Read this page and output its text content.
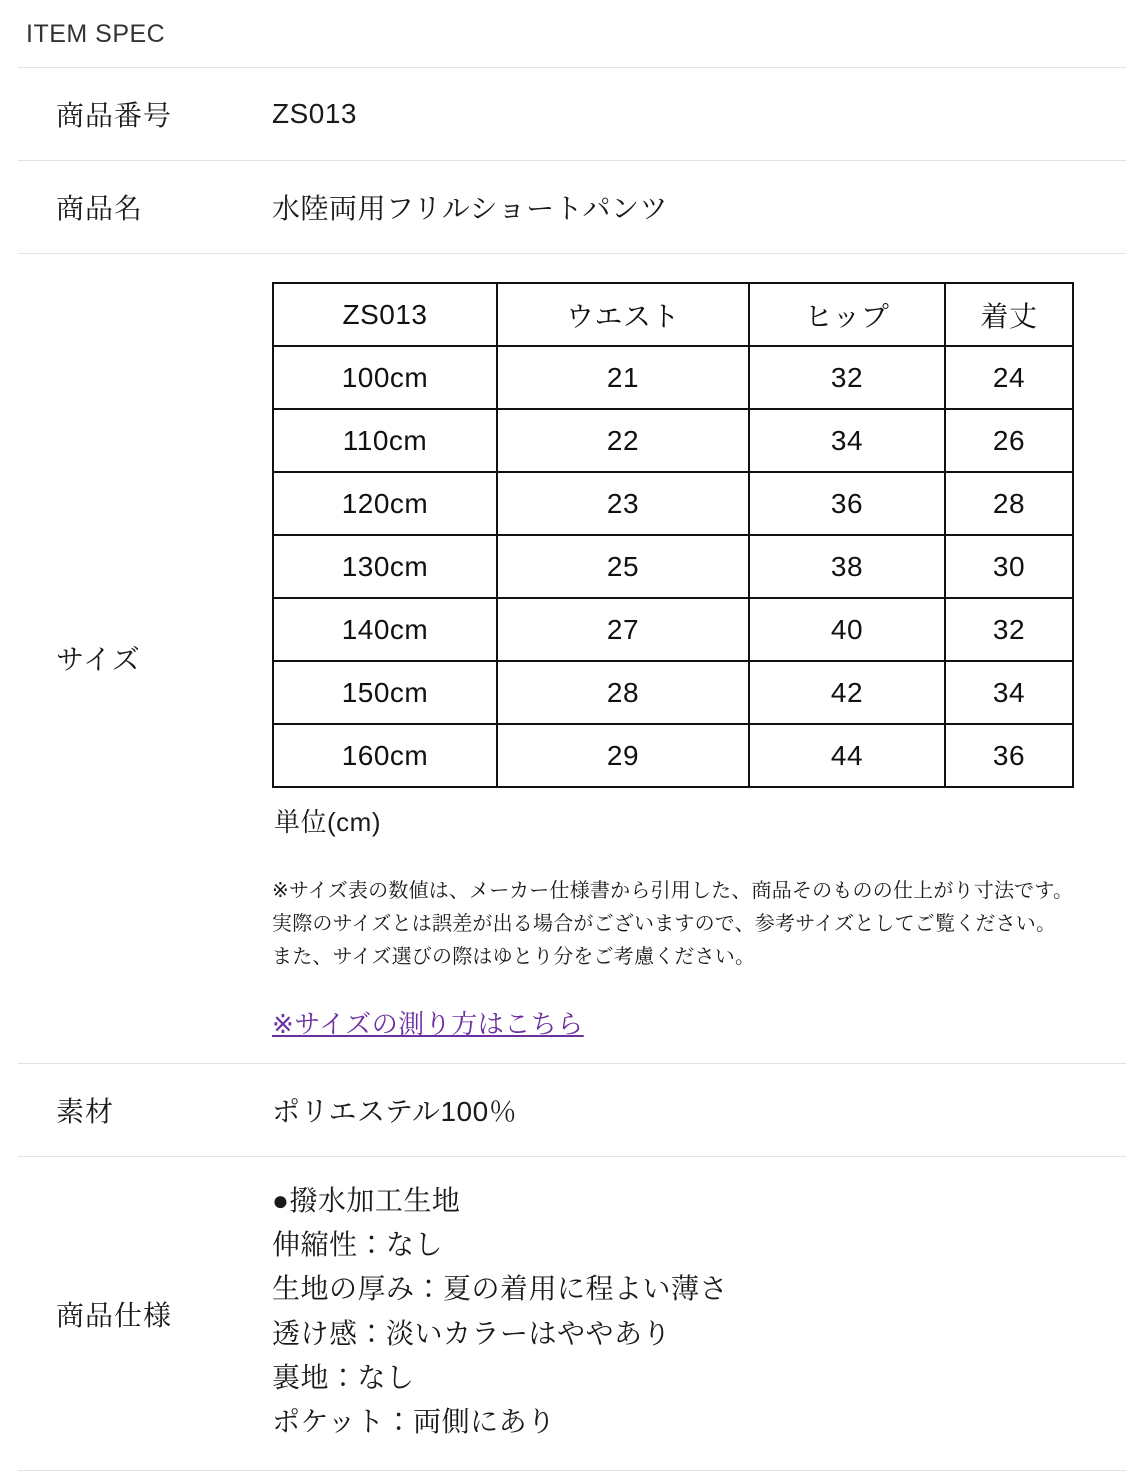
ITEM SPEC
商品番号	ZS013
商品名	水陸両用フリルショートパンツ
サイズ	
ZS013	ウエスト	ヒップ	着丈
100cm	21	32	24
110cm	22	34	26
120cm	23	36	28
130cm	25	38	30
140cm	27	40	32
150cm	28	42	34
160cm	29	44	36
単位(cm)
※サイズ表の数値は、メーカー仕様書から引用した、商品そのものの仕上がり寸法です。
実際のサイズとは誤差が出る場合がございますので、参考サイズとしてご覧ください。
また、サイズ選びの際はゆとり分をご考慮ください。
※サイズの測り方はこちら
素材	ポリエステル100％
商品仕様	
●撥水加工生地
伸縮性：なし
生地の厚み：夏の着用に程よい薄さ
透け感：淡いカラーはややあり
裏地：なし
ポケット：両側にあり
